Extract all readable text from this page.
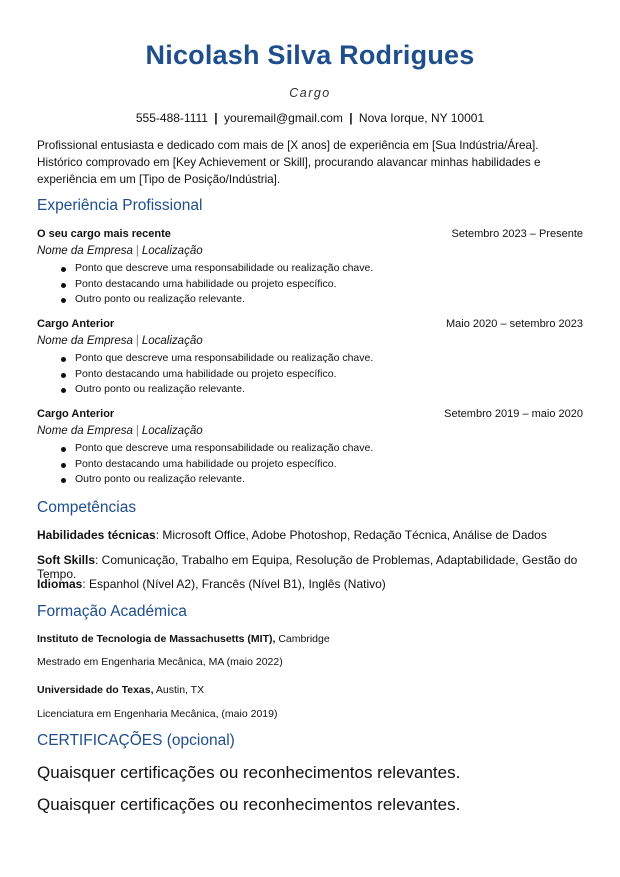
Nicolash Silva Rodrigues
Cargo
555-488-1111 | youremail@gmail.com | Nova Iorque, NY 10001
Profissional entusiasta e dedicado com mais de [X anos] de experiência em [Sua Indústria/Área]. Histórico comprovado em [Key Achievement or Skill], procurando alavancar minhas habilidades e experiência em um [Tipo de Posição/Indústria].
Experiência Profissional
O seu cargo mais recente	Setembro 2023 – Presente
Nome da Empresa | Localização
Ponto que descreve uma responsabilidade ou realização chave.
Ponto destacando uma habilidade ou projeto específico.
Outro ponto ou realização relevante.
Cargo Anterior	Maio 2020 – setembro 2023
Nome da Empresa | Localização
Ponto que descreve uma responsabilidade ou realização chave.
Ponto destacando uma habilidade ou projeto específico.
Outro ponto ou realização relevante.
Cargo Anterior	Setembro 2019 – maio 2020
Nome da Empresa | Localização
Ponto que descreve uma responsabilidade ou realização chave.
Ponto destacando uma habilidade ou projeto específico.
Outro ponto ou realização relevante.
Competências
Habilidades técnicas: Microsoft Office, Adobe Photoshop, Redação Técnica, Análise de Dados
Soft Skills: Comunicação, Trabalho em Equipa, Resolução de Problemas, Adaptabilidade, Gestão do Tempo.
Idiomas: Espanhol (Nível A2), Francês (Nível B1), Inglês (Nativo)
Formação Académica
Instituto de Tecnologia de Massachusetts (MIT), Cambridge
Mestrado em Engenharia Mecânica, MA (maio 2022)
Universidade do Texas, Austin, TX
Licenciatura em Engenharia Mecânica, (maio 2019)
CERTIFICAÇÕES (opcional)
Quaisquer certificações ou reconhecimentos relevantes.
Quaisquer certificações ou reconhecimentos relevantes.
